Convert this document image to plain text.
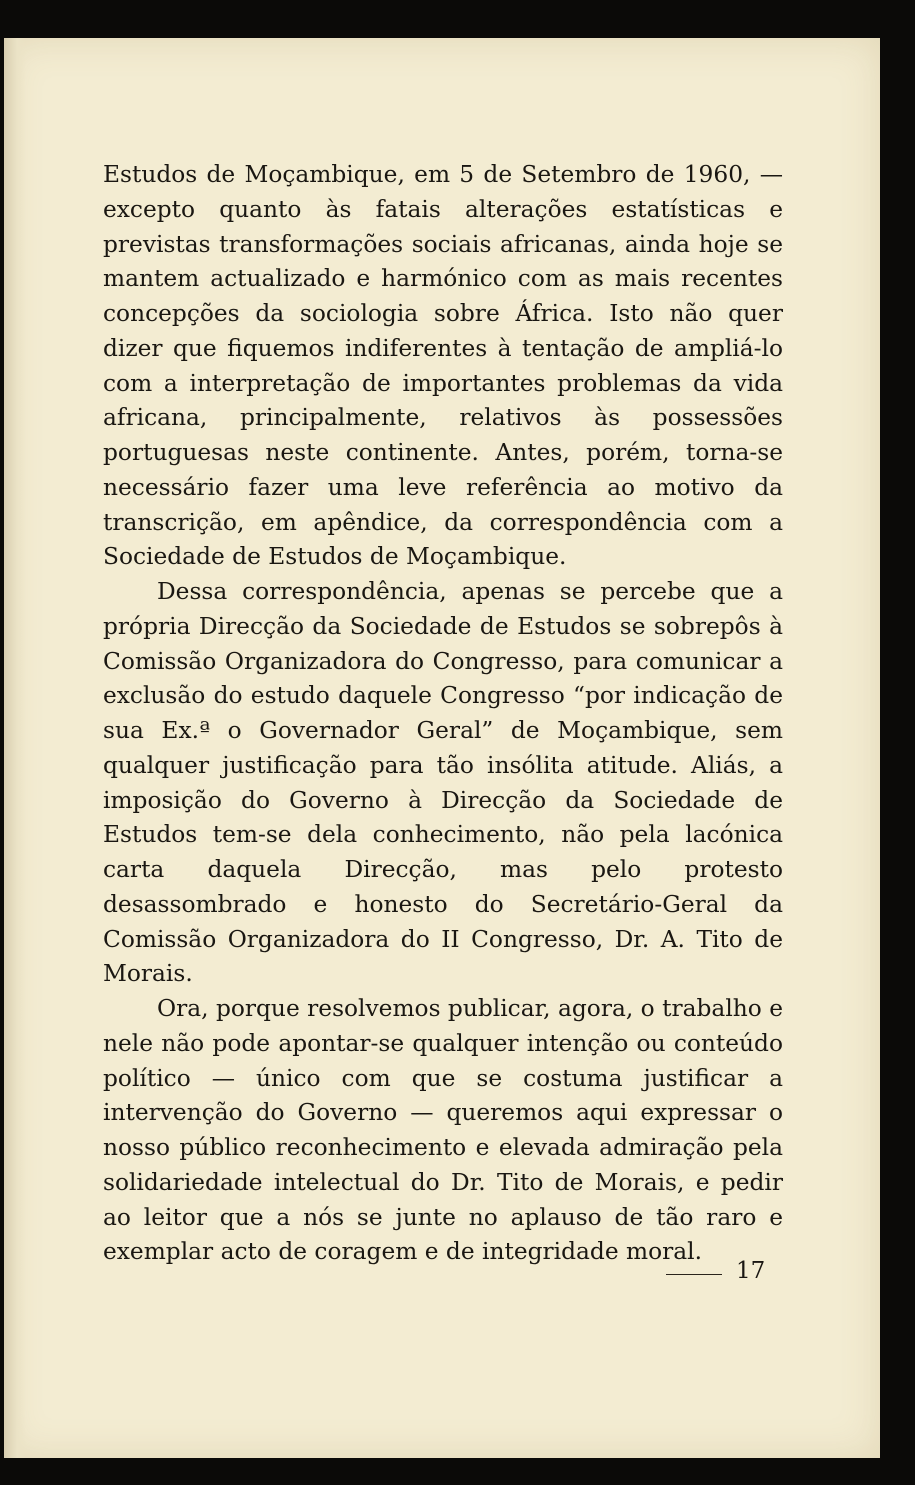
Estudos de Moçambique, em 5 de Setembro de 1960, — excepto quanto às fatais alterações estatísticas e previstas transformações sociais africanas, ainda hoje se mantem actualizado e harmónico com as mais recentes concepções da sociologia sobre África. Isto não quer dizer que fiquemos indiferentes à tentação de ampliá-lo com a interpretação de importantes problemas da vida africana, principalmente, relativos às possessões portuguesas neste continente. Antes, porém, torna-se necessário fazer uma leve referência ao motivo da transcrição, em apêndice, da correspondência com a Sociedade de Estudos de Moçambique.

Dessa correspondência, apenas se percebe que a própria Direcção da Sociedade de Estudos se sobrepôs à Comissão Organizadora do Congresso, para comunicar a exclusão do estudo daquele Congresso “por indicação de sua Ex.ª o Governador Geral” de Moçambique, sem qualquer justificação para tão insólita atitude. Aliás, a imposição do Governo à Direcção da Sociedade de Estudos tem-se dela conhecimento, não pela lacónica carta daquela Direcção, mas pelo protesto desassombrado e honesto do Secretário-Geral da Comissão Organizadora do II Congresso, Dr. A. Tito de Morais.

Ora, porque resolvemos publicar, agora, o trabalho e nele não pode apontar-se qualquer intenção ou conteúdo político — único com que se costuma justificar a intervenção do Governo — queremos aqui expressar o nosso público reconhecimento e elevada admiração pela solidariedade intelectual do Dr. Tito de Morais, e pedir ao leitor que a nós se junte no aplauso de tão raro e exemplar acto de coragem e de integridade moral.

17
